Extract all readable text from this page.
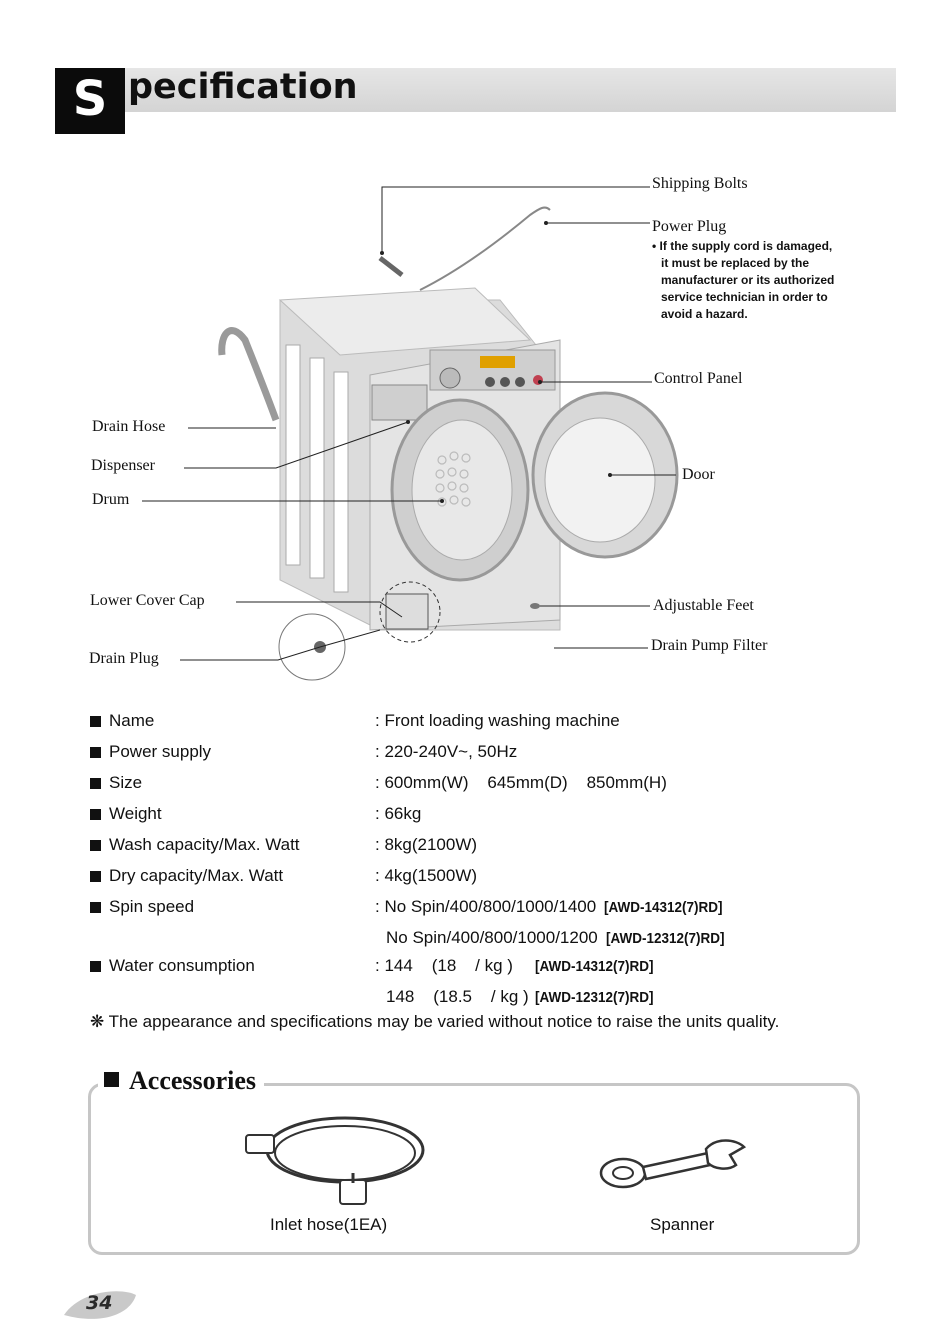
S pecification
Shipping Bolts
Power Plug
• If the supply cord is damaged,
it must be replaced by the
manufacturer or its authorized
service technician in order to
avoid a hazard.
Control Panel
Door
Drain Hose
Dispenser
Drum
Lower Cover Cap
Drain Plug
Adjustable Feet
Drain Pump Filter
Name	: Front loading washing machine
Power supply	: 220-240V~, 50Hz
Size	: 600mm(W)    645mm(D)    850mm(H)
Weight	: 66kg
Wash capacity/Max. Watt	: 8kg(2100W)
Dry capacity/Max. Watt	: 4kg(1500W)
Spin speed	: No Spin/400/800/1000/1400 [AWD-14312(7)RD]
No Spin/400/800/1000/1200 [AWD-12312(7)RD]
Water consumption	: 144    (18    / kg ) [AWD-14312(7)RD]
148    (18.5    / kg ) [AWD-12312(7)RD]
❋ The appearance and specifications may be varied without notice to raise the units quality.
Accessories
Inlet hose(1EA)	Spanner
34
